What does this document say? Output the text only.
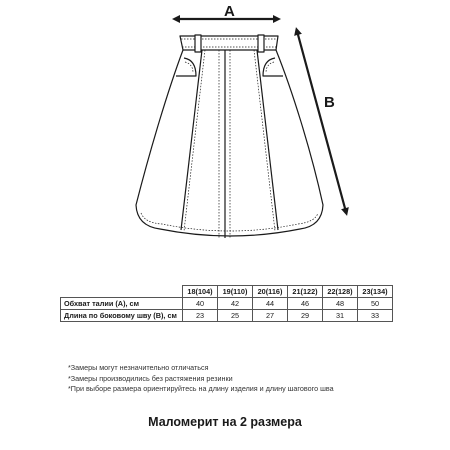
A
B
	18(104)	19(110)	20(116)	21(122)	22(128)	23(134)
Обхват талии (А), см	40	42	44	46	48	50
Длина по боковому шву (В), см	23	25	27	29	31	33
*Замеры могут незначительно отличаться
*Замеры производились без растяжения резинки
*При выборе размера ориентируйтесь на длину изделия и длину шагового шва
Маломерит на 2 размера
